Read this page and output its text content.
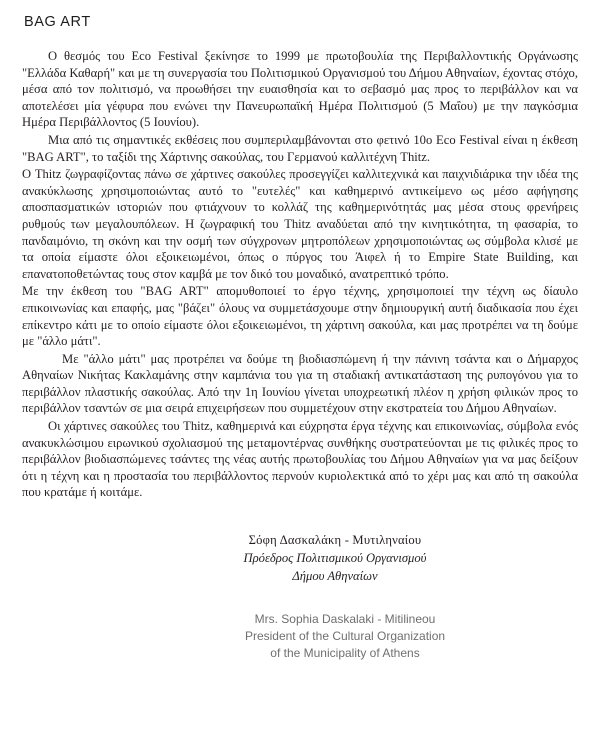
BAG ART

Ο θεσμός του Eco Festival ξεκίνησε το 1999 με πρωτοβουλία της Περιβαλλοντικής Οργάνωσης "Ελλάδα Καθαρή" και με τη συνεργασία του Πολιτισμικού Οργανισμού του Δήμου Αθηναίων, έχοντας στόχο, μέσα από τον πολιτισμό, να προωθήσει την ευαισθησία και το σεβασμό μας προς το περιβάλλον και να αποτελέσει μία γέφυρα που ενώνει την Πανευρωπαϊκή Ημέρα Πολιτισμού (5 Μαΐου) με την παγκόσμια Ημέρα Περιβάλλοντος (5 Ιουνίου).

Μια από τις σημαντικές εκθέσεις που συμπεριλαμβάνονται στο φετινό 10ο Eco Festival είναι η έκθεση "BAG ART", το ταξίδι της Χάρτινης σακούλας, του Γερμανού καλλιτέχνη Thitz.

Ο Thitz ζωγραφίζοντας πάνω σε χάρτινες σακούλες προσεγγίζει καλλιτεχνικά και παιχνιδιάρικα την ιδέα της ανακύκλωσης χρησιμοποιώντας αυτό το "ευτελές" και καθημερινό αντικείμενο ως μέσο αφήγησης αποσπασματικών ιστοριών που φτιάχνουν το κολλάζ της καθημερινότητάς μας μέσα στους φρενήρεις ρυθμούς των μεγαλουπόλεων. Η ζωγραφική του Thitz αναδύεται από την κινητικότητα, τη φασαρία, το πανδαιμόνιο, τη σκόνη και την οσμή των σύγχρονων μητροπόλεων χρησιμοποιώντας ως σύμβολα κλισέ με τα οποία είμαστε όλοι εξοικειωμένοι, όπως ο πύργος του Άιφελ ή το Empire State Building, και επανατοποθετώντας τους στον καμβά με τον δικό του μοναδικό, ανατρεπτικό τρόπο.

Με την έκθεση του "BAG ART" απομυθοποιεί το έργο τέχνης, χρησιμοποιεί την τέχνη ως δίαυλο επικοινωνίας και επαφής, μας "βάζει" όλους να συμμετάσχουμε στην δημιουργική αυτή διαδικασία που έχει επίκεντρο κάτι με το οποίο είμαστε όλοι εξοικειωμένοι, τη χάρτινη σακούλα, και μας προτρέπει να τη δούμε με "άλλο μάτι".

Με "άλλο μάτι" μας προτρέπει να δούμε τη βιοδιασπώμενη ή την πάνινη τσάντα και ο Δήμαρχος Αθηναίων Νικήτας Κακλαμάνης στην καμπάνια του για τη σταδιακή αντικατάσταση της ρυπογόνου για το περιβάλλον πλαστικής σακούλας. Από την 1η Ιουνίου γίνεται υποχρεωτική πλέον η χρήση φιλικών προς το περιβάλλον τσαντών σε μια σειρά επιχειρήσεων που συμμετέχουν στην εκστρατεία του Δήμου Αθηναίων.

Οι χάρτινες σακούλες του Thitz, καθημερινά και εύχρηστα έργα τέχνης και επικοινωνίας, σύμβολα ενός ανακυκλώσιμου ειρωνικού σχολιασμού της μεταμοντέρνας συνθήκης συστρατεύονται με τις φιλικές προς το περιβάλλον βιοδιασπώμενες τσάντες της νέας αυτής πρωτοβουλίας του Δήμου Αθηναίων για να μας δείξουν ότι η τέχνη και η προστασία του περιβάλλοντος περνούν κυριολεκτικά από το χέρι μας και από τη σακούλα που κρατάμε ή κοιτάμε.

Σόφη Δασκαλάκη - Μυτιληναίου
Πρόεδρος Πολιτισμικού Οργανισμού
Δήμου Αθηναίων
Mrs. Sophia Daskalaki - Mitilineou
President of the Cultural Organization
of the Municipality of Athens
